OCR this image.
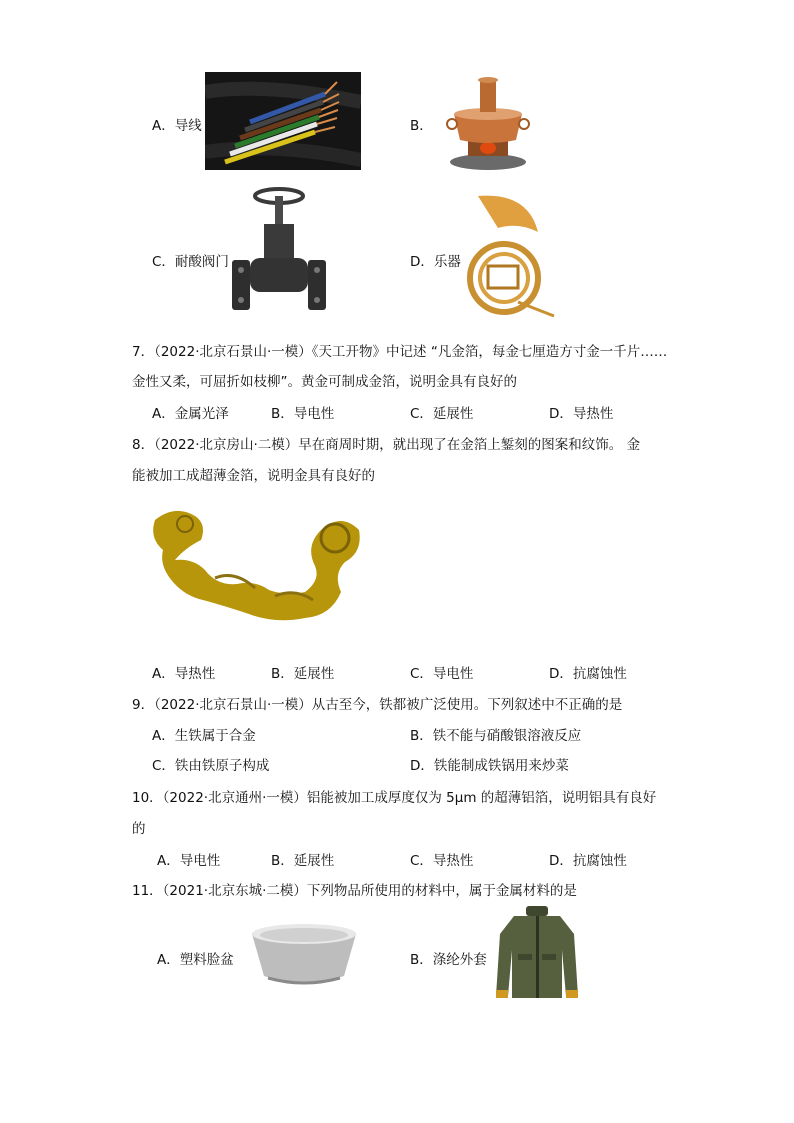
A．导线	B．
C．耐酸阀门	D．乐器
7．（2022·北京石景山·一模）《天工开物》中记述 “凡金箔，每金七厘造方寸金一千片……
金性又柔，可屈折如枝柳”。黄金可制成金箔，说明金具有良好的
A．金属光泽	B．导电性	C．延展性	D．导热性
8．（2022·北京房山·二模）早在商周时期，就出现了在金箔上錾刻的图案和纹饰。 金
能被加工成超薄金箔，说明金具有良好的
A．导热性	B．延展性	C．导电性	D．抗腐蚀性
9．（2022·北京石景山·一模）从古至今，铁都被广泛使用。下列叙述中不正确的是
A．生铁属于合金	B．铁不能与硝酸银溶液反应
C．铁由铁原子构成	D．铁能制成铁锅用来炒菜
10．（2022·北京通州·一模）铝能被加工成厚度仅为 5μm 的超薄铝箔，说明铝具有良好
的
A．导电性	B．延展性	C．导热性	D．抗腐蚀性
11．（2021·北京东城·二模）下列物品所使用的材料中，属于金属材料的是
A．塑料脸盆	B．涤纶外套
